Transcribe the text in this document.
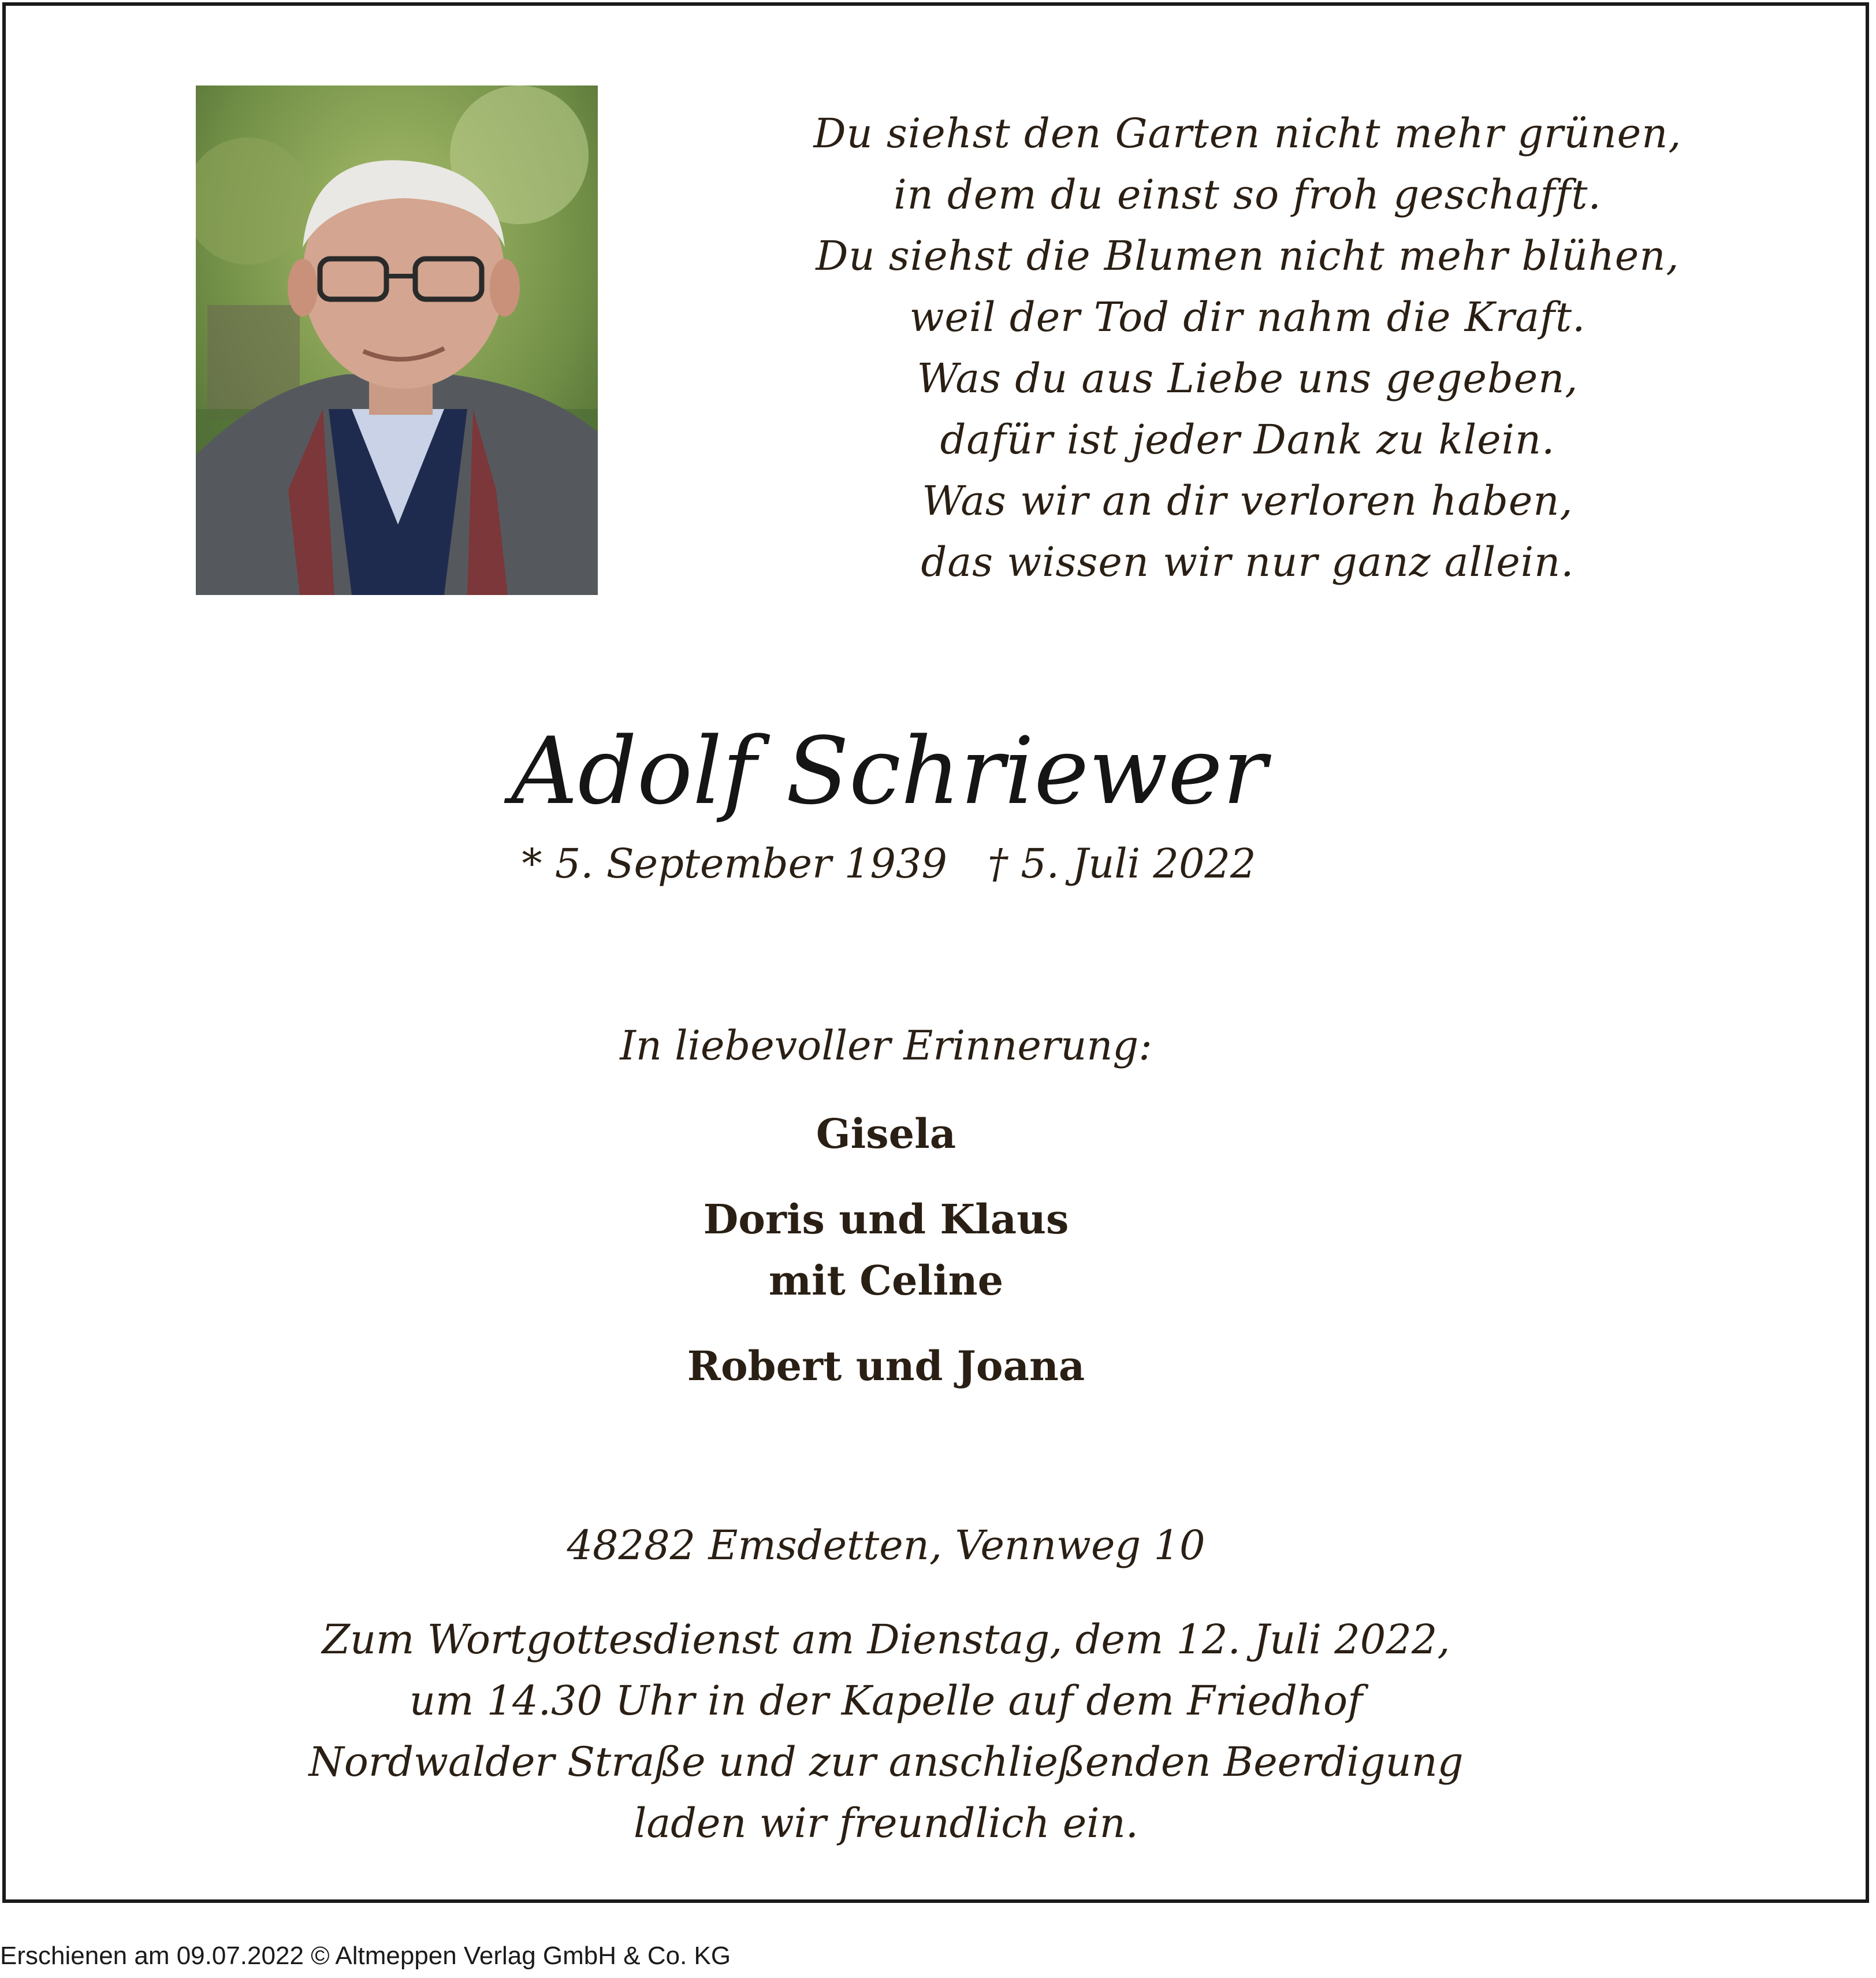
Du siehst den Garten nicht mehr grünen,
in dem du einst so froh geschafft.
Du siehst die Blumen nicht mehr blühen,
weil der Tod dir nahm die Kraft.
Was du aus Liebe uns gegeben,
dafür ist jeder Dank zu klein.
Was wir an dir verloren haben,
das wissen wir nur ganz allein.
Adolf Schriewer
* 5. September 1939 † 5. Juli 2022
In liebevoller Erinnerung:
Gisela
Doris und Klaus
mit Celine
Robert und Joana
48282 Emsdetten, Vennweg 10
Zum Wortgottesdienst am Dienstag, dem 12. Juli 2022,
um 14.30 Uhr in der Kapelle auf dem Friedhof
Nordwalder Straße und zur anschließenden Beerdigung
laden wir freundlich ein.
Erschienen am 09.07.2022 © Altmeppen Verlag GmbH & Co. KG
